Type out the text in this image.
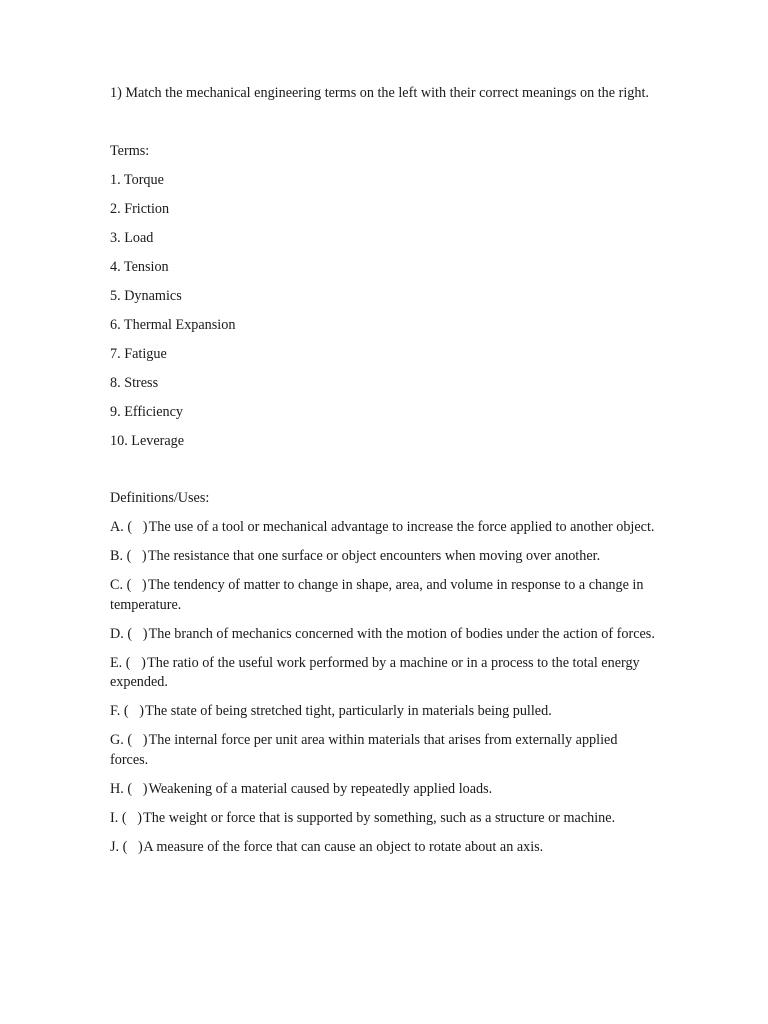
1) Match the mechanical engineering terms on the left with their correct meanings on the right.

Terms:

1. Torque

2. Friction

3. Load

4. Tension

5. Dynamics

6. Thermal Expansion

7. Fatigue

8. Stress

9. Efficiency

10. Leverage

Definitions/Uses:

A. (   ) The use of a tool or mechanical advantage to increase the force applied to another object.

B. (   ) The resistance that one surface or object encounters when moving over another.

C. (   ) The tendency of matter to change in shape, area, and volume in response to a change in temperature.

D. (   ) The branch of mechanics concerned with the motion of bodies under the action of forces.

E. (   ) The ratio of the useful work performed by a machine or in a process to the total energy expended.

F. (   ) The state of being stretched tight, particularly in materials being pulled.

G. (   ) The internal force per unit area within materials that arises from externally applied forces.

H. (   ) Weakening of a material caused by repeatedly applied loads.

I. (   ) The weight or force that is supported by something, such as a structure or machine.

J. (   ) A measure of the force that can cause an object to rotate about an axis.
